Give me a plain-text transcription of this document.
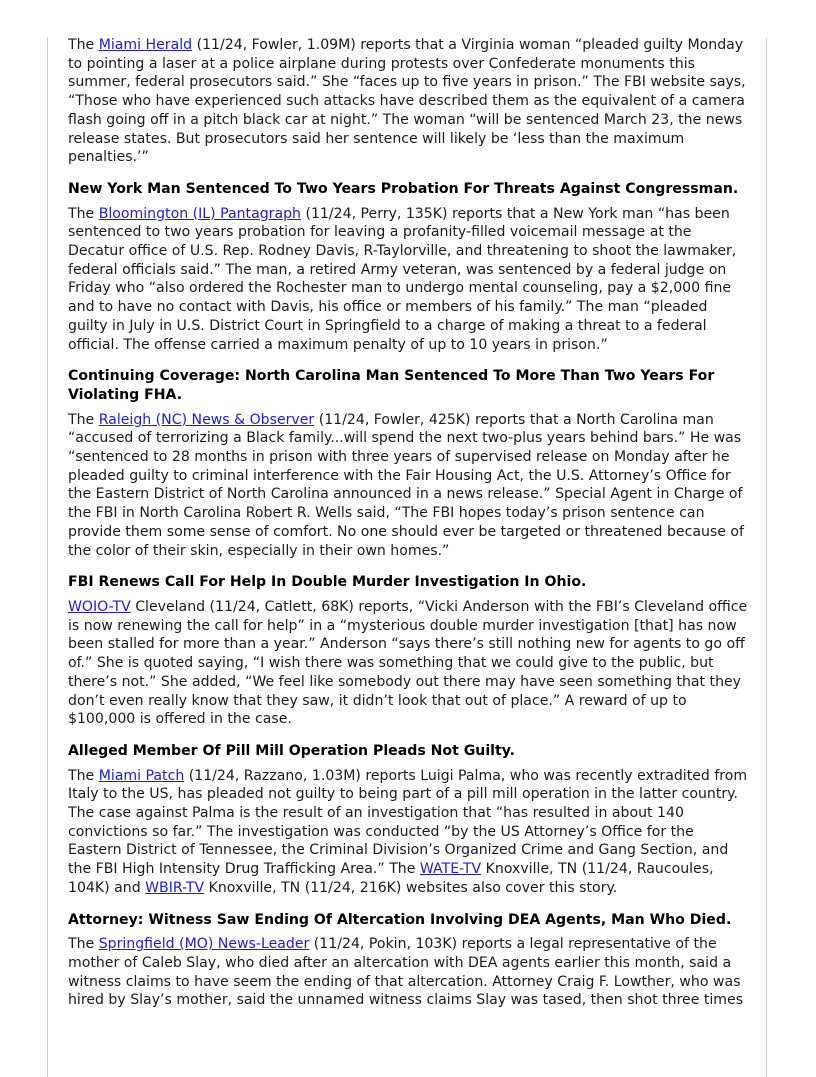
The Miami Herald (11/24, Fowler, 1.09M) reports that a Virginia woman “pleaded guilty Monday to pointing a laser at a police airplane during protests over Confederate monuments this summer, federal prosecutors said.” She “faces up to five years in prison.” The FBI website says, “Those who have experienced such attacks have described them as the equivalent of a camera flash going off in a pitch black car at night.” The woman “will be sentenced March 23, the news release states. But prosecutors said her sentence will likely be ‘less than the maximum penalties.’”

New York Man Sentenced To Two Years Probation For Threats Against Congressman.

The Bloomington (IL) Pantagraph (11/24, Perry, 135K) reports that a New York man “has been sentenced to two years probation for leaving a profanity-filled voicemail message at the Decatur office of U.S. Rep. Rodney Davis, R-Taylorville, and threatening to shoot the lawmaker, federal officials said.” The man, a retired Army veteran, was sentenced by a federal judge on Friday who “also ordered the Rochester man to undergo mental counseling, pay a $2,000 fine and to have no contact with Davis, his office or members of his family.” The man “pleaded guilty in July in U.S. District Court in Springfield to a charge of making a threat to a federal official. The offense carried a maximum penalty of up to 10 years in prison.”

Continuing Coverage: North Carolina Man Sentenced To More Than Two Years For Violating FHA.

The Raleigh (NC) News & Observer (11/24, Fowler, 425K) reports that a North Carolina man “accused of terrorizing a Black family...will spend the next two-plus years behind bars.” He was “sentenced to 28 months in prison with three years of supervised release on Monday after he pleaded guilty to criminal interference with the Fair Housing Act, the U.S. Attorney’s Office for the Eastern District of North Carolina announced in a news release.” Special Agent in Charge of the FBI in North Carolina Robert R. Wells said, “The FBI hopes today’s prison sentence can provide them some sense of comfort. No one should ever be targeted or threatened because of the color of their skin, especially in their own homes.”

FBI Renews Call For Help In Double Murder Investigation In Ohio.

WOIO-TV Cleveland (11/24, Catlett, 68K) reports, “Vicki Anderson with the FBI’s Cleveland office is now renewing the call for help” in a “mysterious double murder investigation [that] has now been stalled for more than a year.” Anderson “says there’s still nothing new for agents to go off of.” She is quoted saying, “I wish there was something that we could give to the public, but there’s not.” She added, “We feel like somebody out there may have seen something that they don’t even really know that they saw, it didn’t look that out of place.” A reward of up to $100,000 is offered in the case.

Alleged Member Of Pill Mill Operation Pleads Not Guilty.

The Miami Patch (11/24, Razzano, 1.03M) reports Luigi Palma, who was recently extradited from Italy to the US, has pleaded not guilty to being part of a pill mill operation in the latter country. The case against Palma is the result of an investigation that “has resulted in about 140 convictions so far.” The investigation was conducted “by the US Attorney’s Office for the Eastern District of Tennessee, the Criminal Division’s Organized Crime and Gang Section, and the FBI High Intensity Drug Trafficking Area.” The WATE-TV Knoxville, TN (11/24, Raucoules, 104K) and WBIR-TV Knoxville, TN (11/24, 216K) websites also cover this story.

Attorney: Witness Saw Ending Of Altercation Involving DEA Agents, Man Who Died.

The Springfield (MO) News-Leader (11/24, Pokin, 103K) reports a legal representative of the mother of Caleb Slay, who died after an altercation with DEA agents earlier this month, said a witness claims to have seem the ending of that altercation. Attorney Craig F. Lowther, who was hired by Slay’s mother, said the unnamed witness claims Slay was tased, then shot three times
